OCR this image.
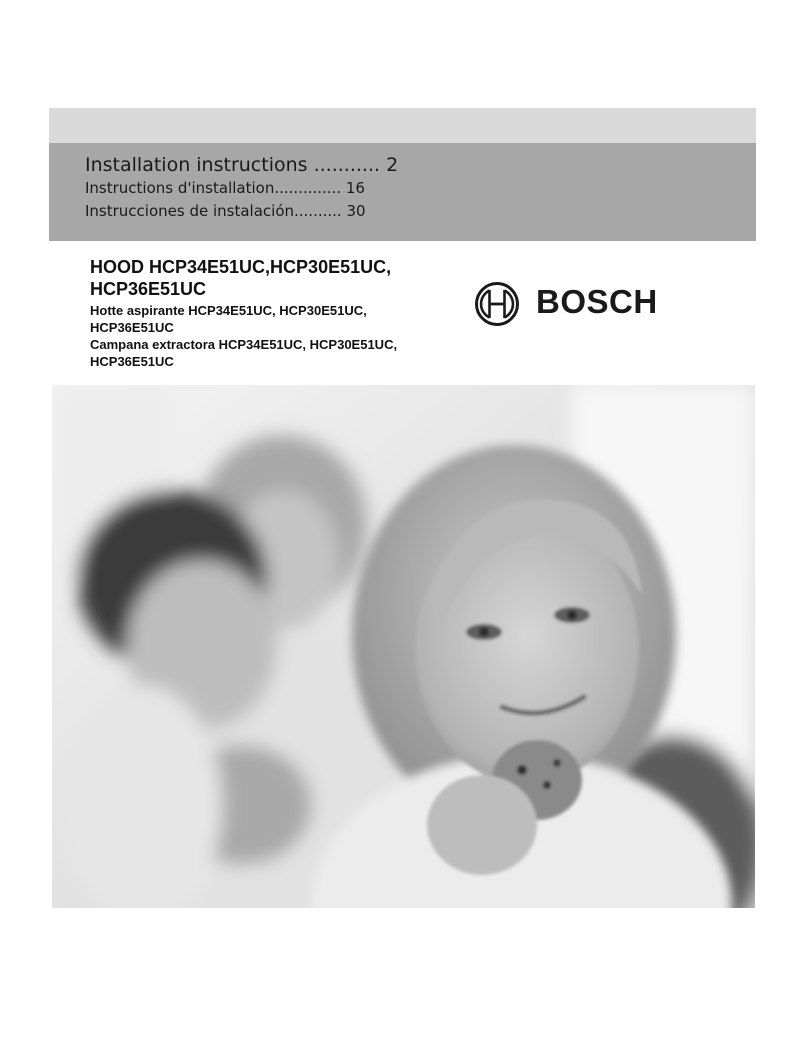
Installation instructions ........... 2
Instructions d'installation.............. 16
Instrucciones de instalación.......... 30

HOOD HCP34E51UC,HCP30E51UC,
HCP36E51UC

Hotte aspirante HCP34E51UC, HCP30E51UC,
HCP36E51UC

Campana extractora HCP34E51UC, HCP30E51UC,
HCP36E51UC

BOSCH
